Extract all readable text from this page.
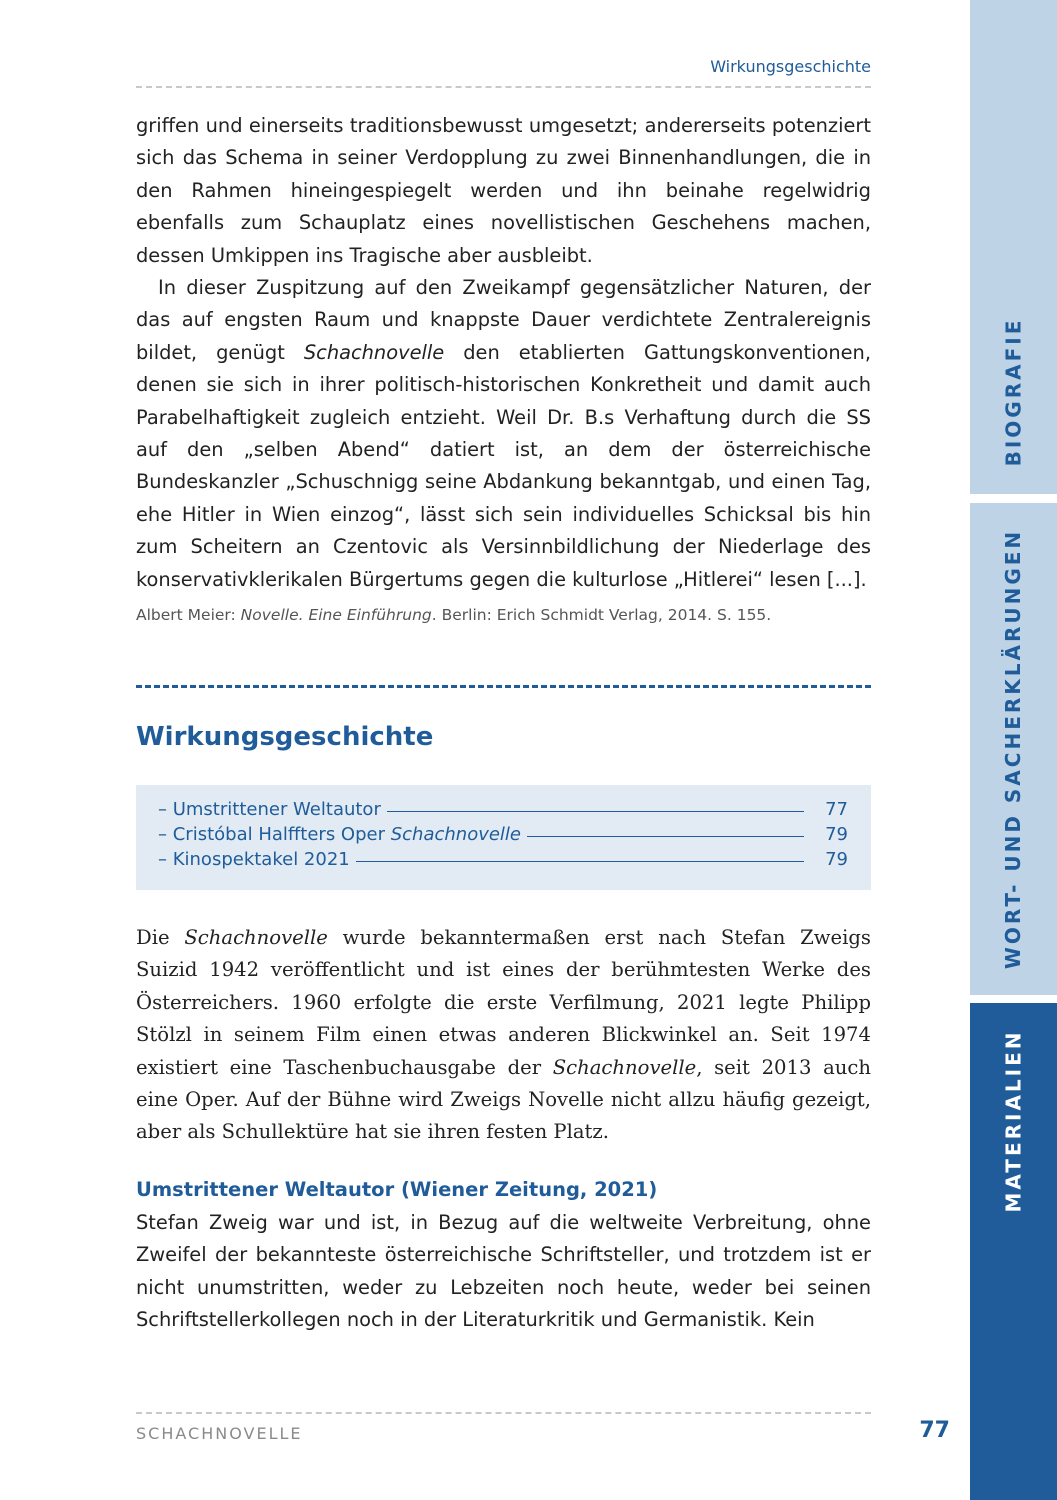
Wirkungsgeschichte

griffen und einerseits traditionsbewusst umgesetzt; andererseits potenziert sich das Schema in seiner Verdopplung zu zwei Binnenhandlungen, die in den Rahmen hineingespiegelt werden und ihn beinahe regelwidrig ebenfalls zum Schauplatz eines novellistischen Geschehens machen, dessen Umkippen ins Tragische aber ausbleibt.

In dieser Zuspitzung auf den Zweikampf gegensätzlicher Naturen, der das auf engsten Raum und knappste Dauer verdichtete Zentralereignis bildet, genügt Schachnovelle den etablierten Gattungskonventionen, denen sie sich in ihrer politisch-historischen Konkretheit und damit auch Parabelhaftigkeit zugleich entzieht. Weil Dr. B.s Verhaftung durch die SS auf den „selben Abend“ datiert ist, an dem der österreichische Bundeskanzler „Schuschnigg seine Abdankung bekanntgab, und einen Tag, ehe Hitler in Wien einzog“, lässt sich sein individuelles Schicksal bis hin zum Scheitern an Czentovic als Versinnbildlichung der Niederlage des konservativklerikalen Bürgertums gegen die kulturlose „Hitlerei“ lesen [...].

Albert Meier: Novelle. Eine Einführung. Berlin: Erich Schmidt Verlag, 2014. S. 155.
Wirkungsgeschichte
– Umstrittener Weltautor	77
– Cristóbal Halffters Oper Schachnovelle	79
– Kinospektakel 2021	79
Die Schachnovelle wurde bekanntermaßen erst nach Stefan Zweigs Suizid 1942 veröffentlicht und ist eines der berühmtesten Werke des Österreichers. 1960 erfolgte die erste Verfilmung, 2021 legte Philipp Stölzl in seinem Film einen etwas anderen Blickwinkel an. Seit 1974 existiert eine Taschenbuchausgabe der Schachnovelle, seit 2013 auch eine Oper. Auf der Bühne wird Zweigs Novelle nicht allzu häufig gezeigt, aber als Schullektüre hat sie ihren festen Platz.
Umstrittener Weltautor (Wiener Zeitung, 2021)

Stefan Zweig war und ist, in Bezug auf die weltweite Verbreitung, ohne Zweifel der bekannteste österreichische Schriftsteller, und trotzdem ist er nicht unumstritten, weder zu Lebzeiten noch heute, weder bei seinen Schriftstellerkollegen noch in der Literaturkritik und Germanistik. Kein

SCHACHNOVELLE	77
BIOGRAFIE
WORT- UND SACHERKLÄRUNGEN
MATERIALIEN
